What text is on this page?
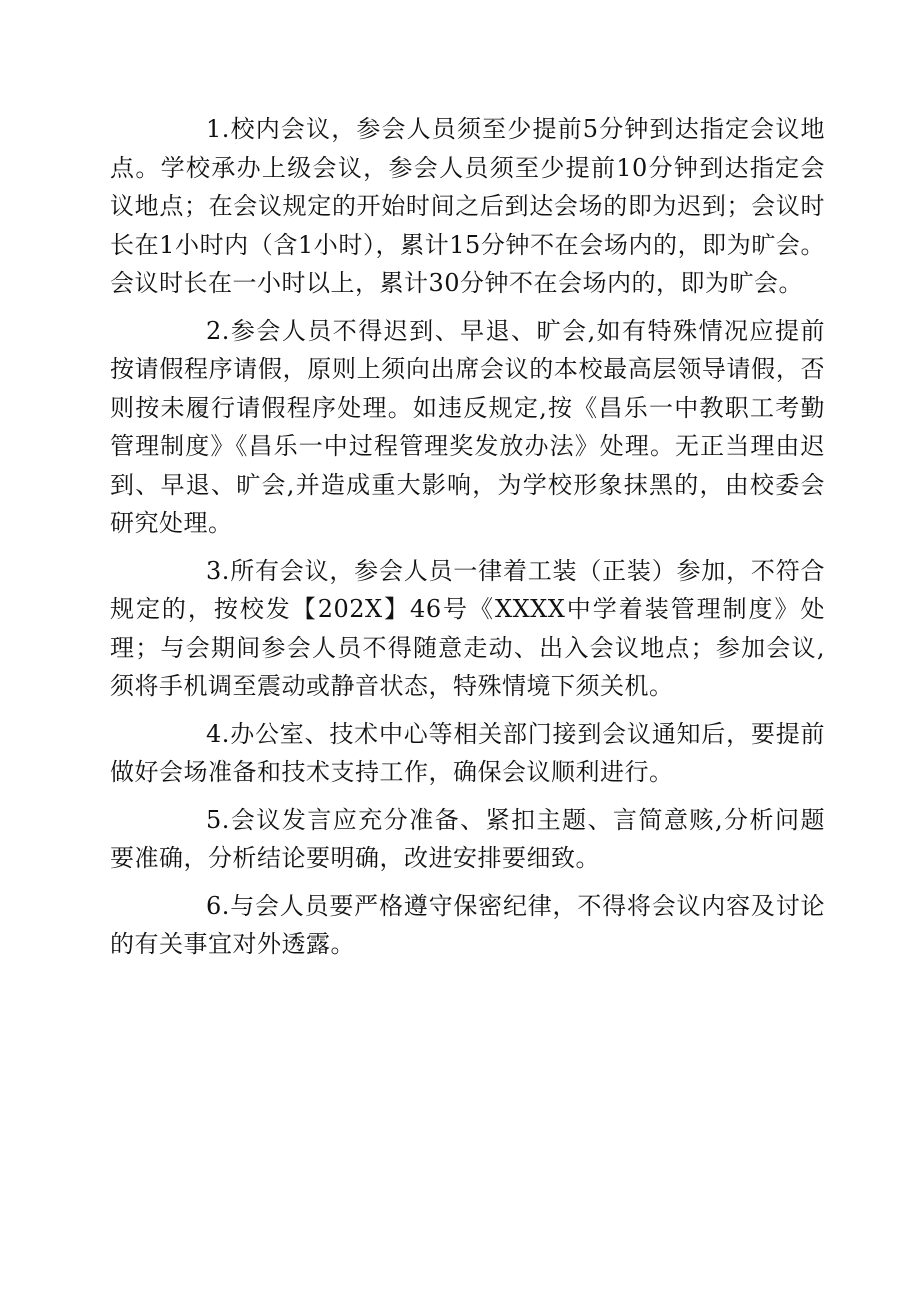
1.校内会议，参会人员须至少提前5分钟到达指定会议地点。学校承办上级会议，参会人员须至少提前10分钟到达指定会议地点；在会议规定的开始时间之后到达会场的即为迟到；会议时长在1小时内（含1小时），累计15分钟不在会场内的，即为旷会。会议时长在一小时以上，累计30分钟不在会场内的，即为旷会。

2.参会人员不得迟到、早退、旷会,如有特殊情况应提前按请假程序请假，原则上须向出席会议的本校最高层领导请假，否则按未履行请假程序处理。如违反规定,按《昌乐一中教职工考勤管理制度》《昌乐一中过程管理奖发放办法》处理。无正当理由迟到、早退、旷会,并造成重大影响，为学校形象抹黑的，由校委会研究处理。

3.所有会议，参会人员一律着工装（正装）参加，不符合规定的，按校发【202X】46号《XXXX中学着装管理制度》处理；与会期间参会人员不得随意走动、出入会议地点；参加会议,须将手机调至震动或静音状态，特殊情境下须关机。

4.办公室、技术中心等相关部门接到会议通知后，要提前做好会场准备和技术支持工作，确保会议顺利进行。

5.会议发言应充分准备、紧扣主题、言简意赅,分析问题要准确，分析结论要明确，改进安排要细致。

6.与会人员要严格遵守保密纪律，不得将会议内容及讨论的有关事宜对外透露。
